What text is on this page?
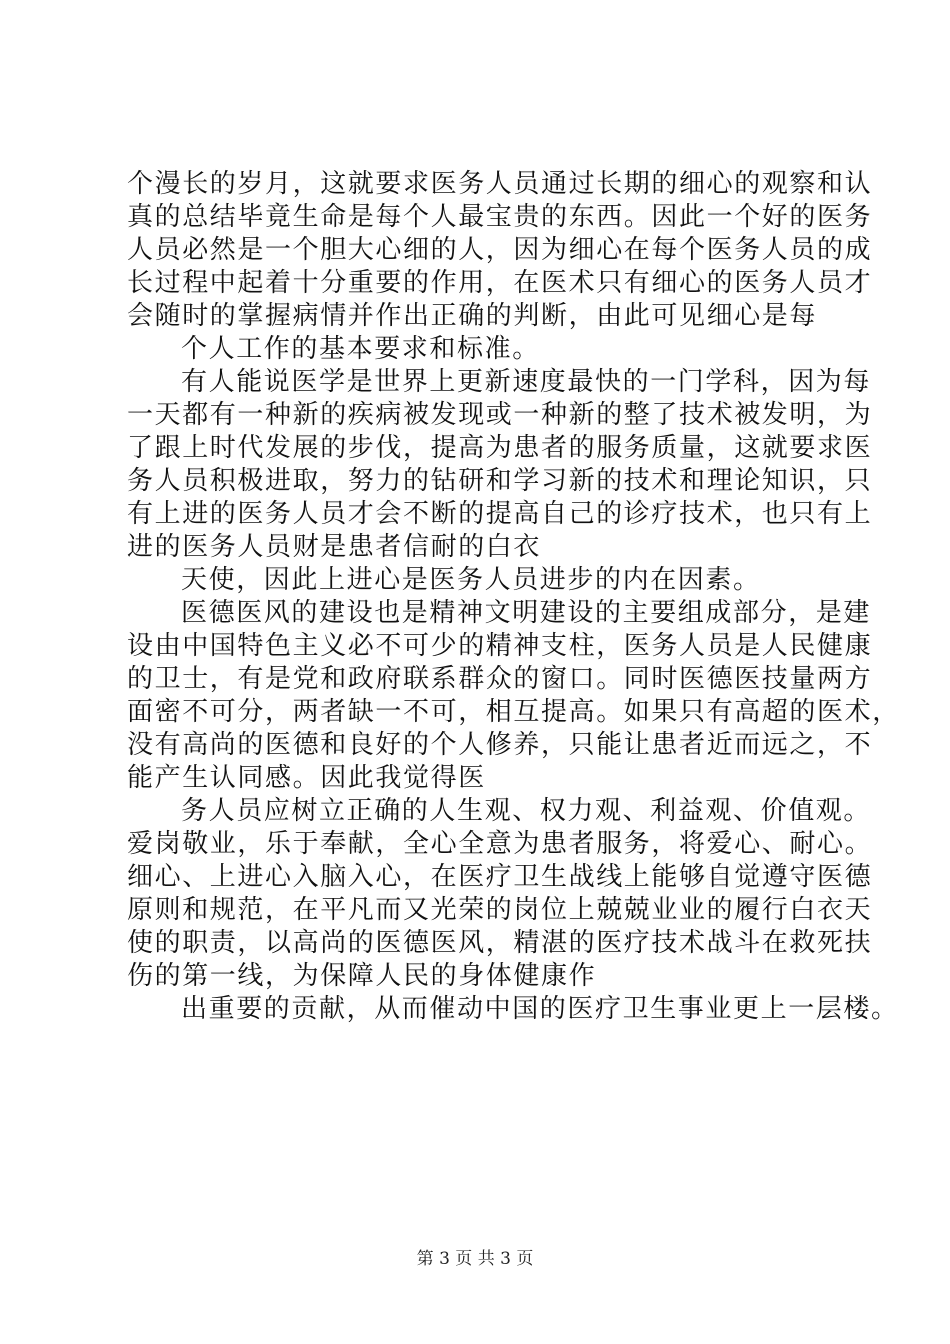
个漫长的岁月，这就要求医务人员通过长期的细心的观察和认
真的总结毕竟生命是每个人最宝贵的东西。因此一个好的医务
人员必然是一个胆大心细的人，因为细心在每个医务人员的成
长过程中起着十分重要的作用，在医术只有细心的医务人员才
会随时的掌握病情并作出正确的判断，由此可见细心是每
个人工作的基本要求和标准。
有人能说医学是世界上更新速度最快的一门学科，因为每
一天都有一种新的疾病被发现或一种新的整了技术被发明，为
了跟上时代发展的步伐，提高为患者的服务质量，这就要求医
务人员积极进取，努力的钻研和学习新的技术和理论知识，只
有上进的医务人员才会不断的提高自己的诊疗技术，也只有上
进的医务人员财是患者信耐的白衣
天使，因此上进心是医务人员进步的内在因素。
医德医风的建设也是精神文明建设的主要组成部分，是建
设由中国特色主义必不可少的精神支柱，医务人员是人民健康
的卫士，有是党和政府联系群众的窗口。同时医德医技量两方
面密不可分，两者缺一不可，相互提高。如果只有高超的医术，
没有高尚的医德和良好的个人修养，只能让患者近而远之，不
能产生认同感。因此我觉得医
务人员应树立正确的人生观、权力观、利益观、价值观。
爱岗敬业，乐于奉献，全心全意为患者服务，将爱心、耐心。
细心、上进心入脑入心，在医疗卫生战线上能够自觉遵守医德
原则和规范，在平凡而又光荣的岗位上兢兢业业的履行白衣天
使的职责，以高尚的医德医风，精湛的医疗技术战斗在救死扶
伤的第一线，为保障人民的身体健康作
出重要的贡献，从而催动中国的医疗卫生事业更上一层楼。
第 3 页 共 3 页
